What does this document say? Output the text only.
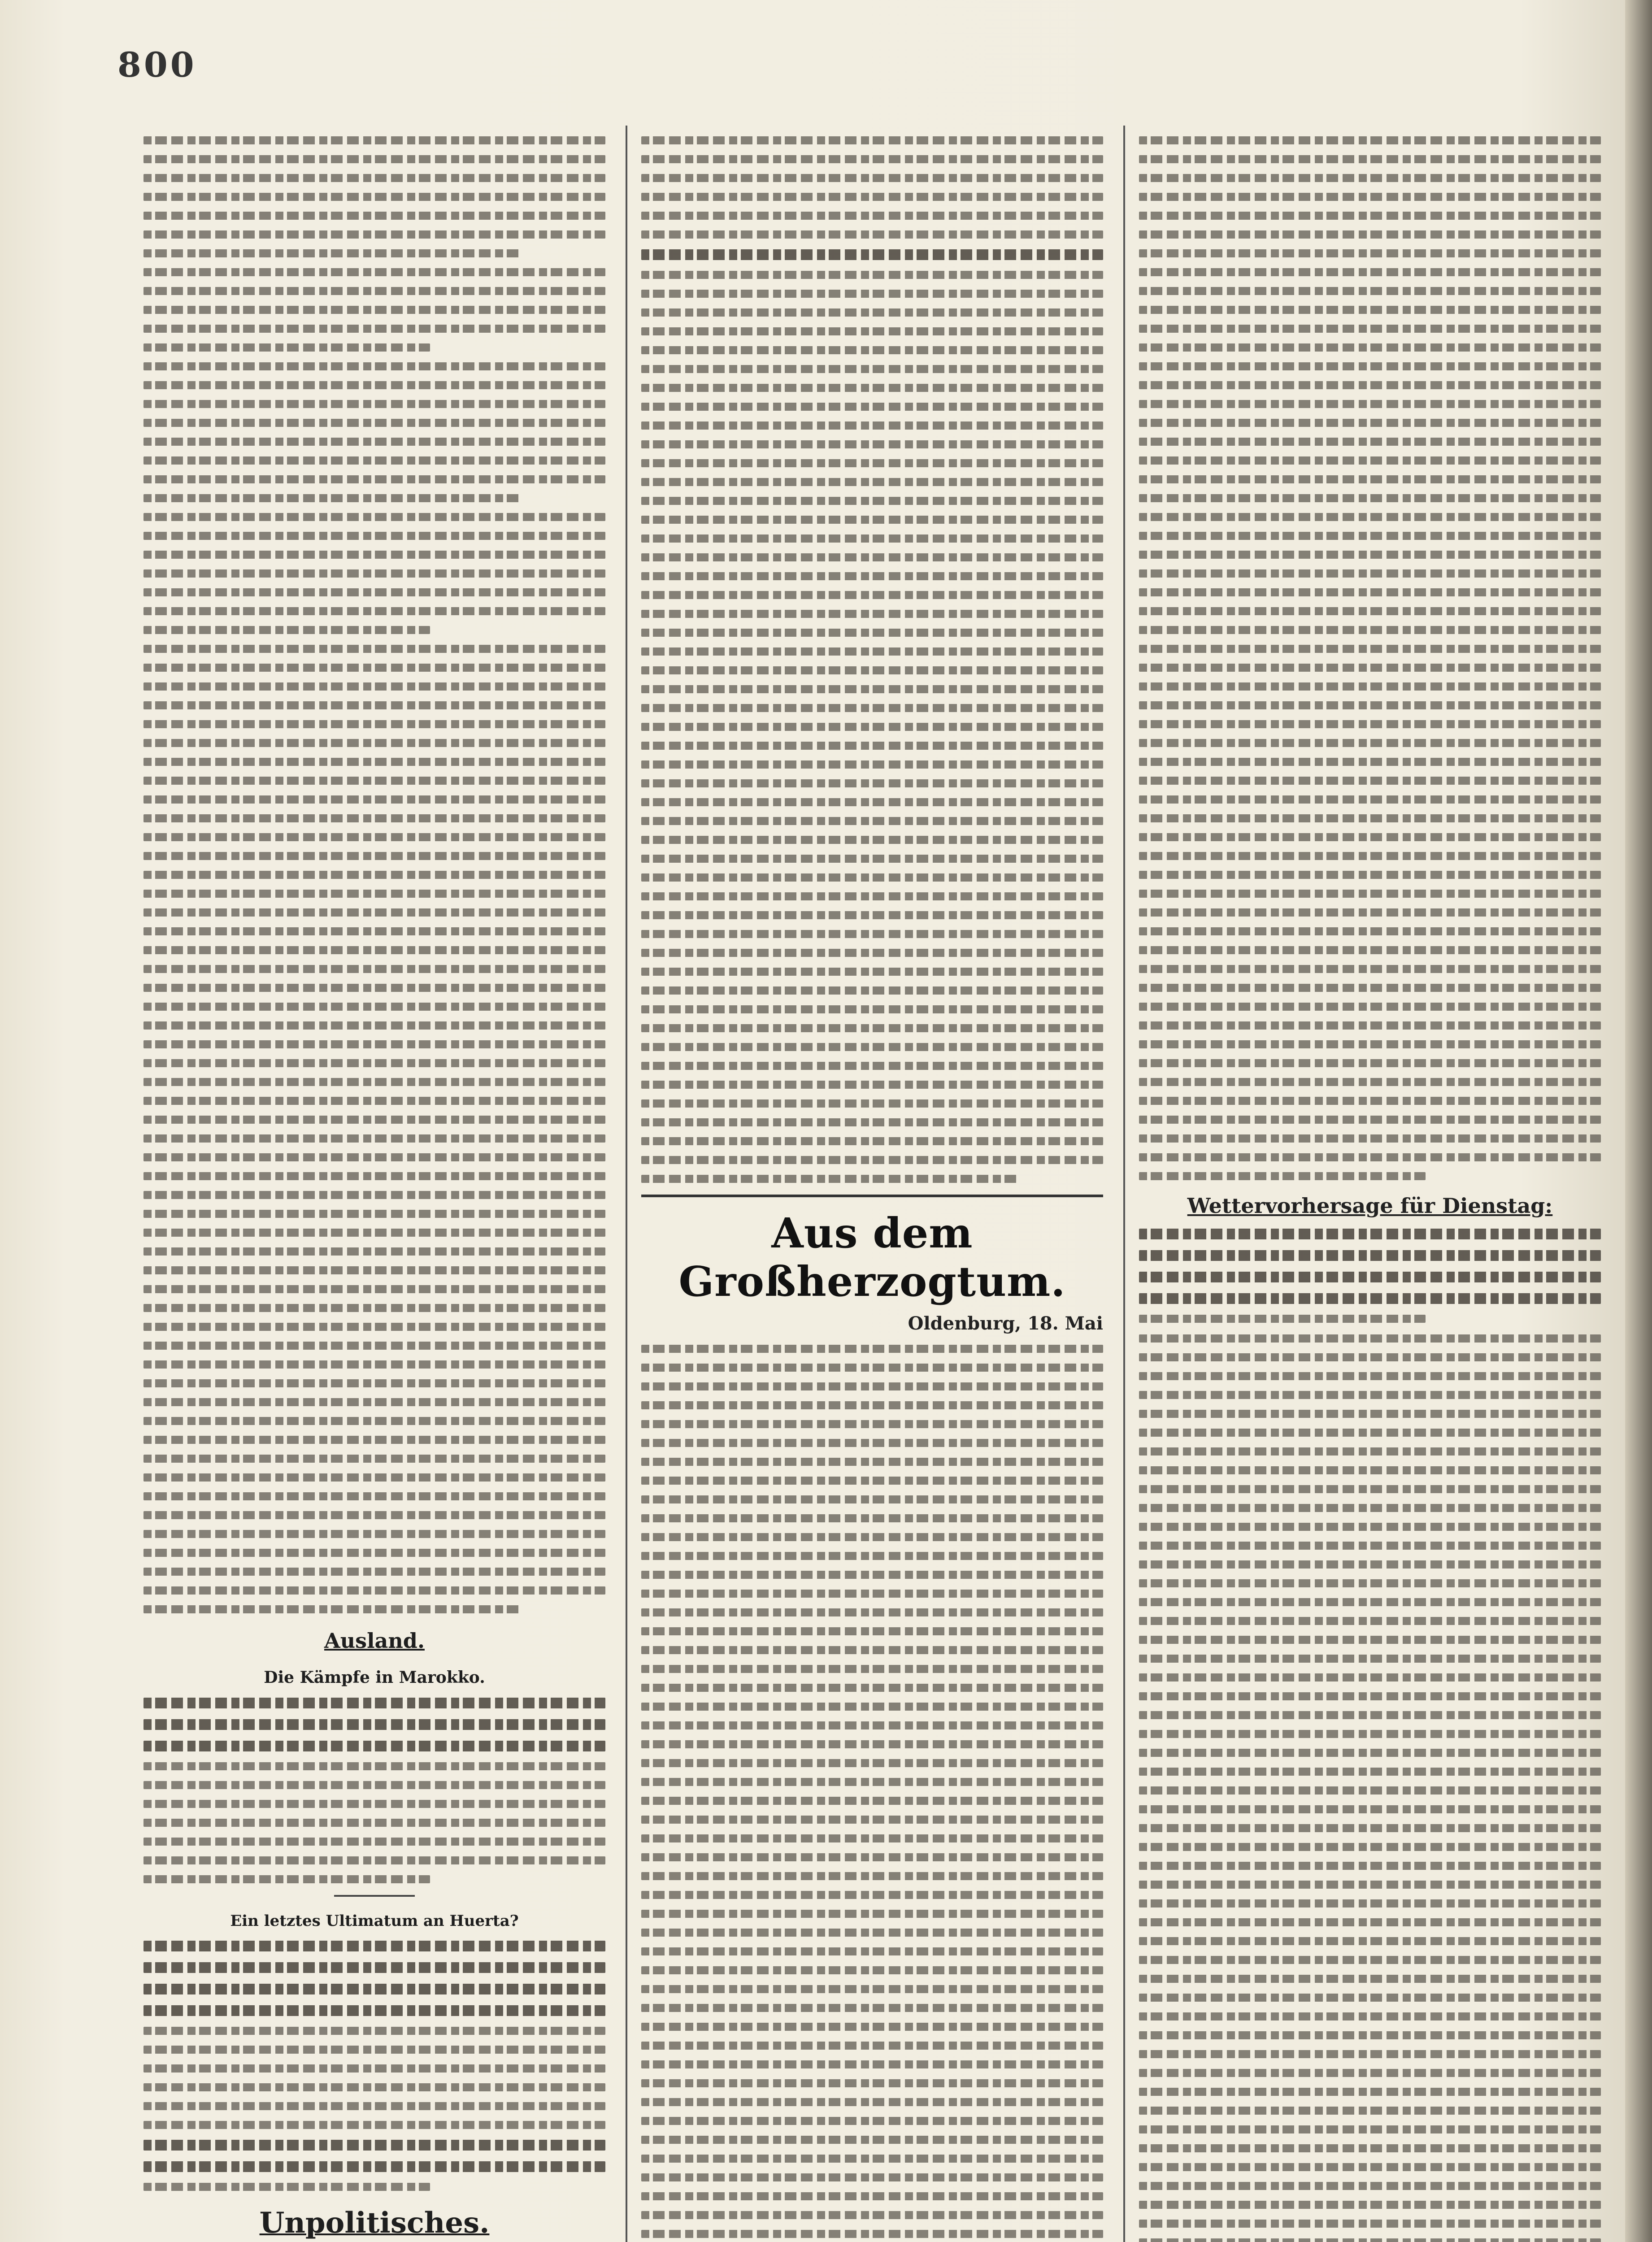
800
Ausland.
Die Kämpfe in Marokko.
Ein letztes Ultimatum an Huerta?
Unpolitisches.
Aus dem Großherzogtum.
Oldenburg, 18. Mai
Wettervorhersage für Dienstag:
